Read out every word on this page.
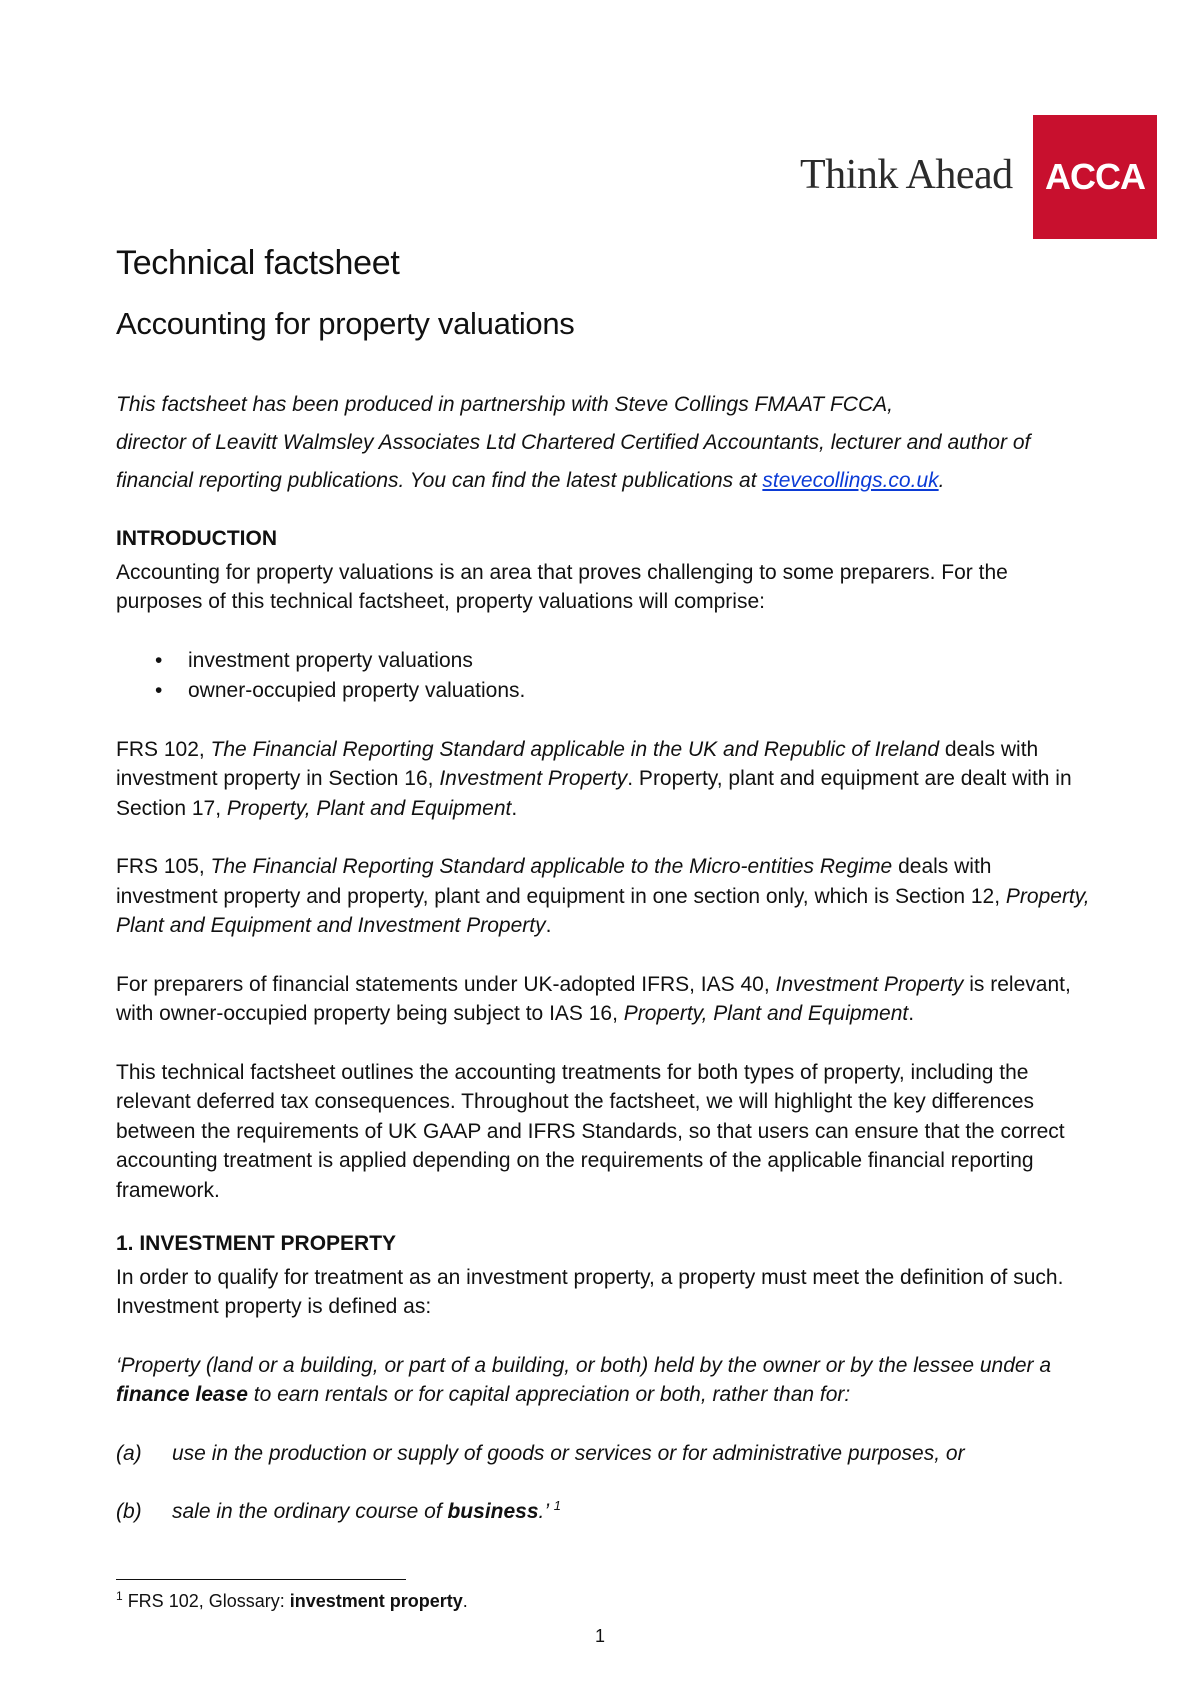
Think Ahead ACCA
Technical factsheet
Accounting for property valuations
This factsheet has been produced in partnership with Steve Collings FMAAT FCCA,
director of Leavitt Walmsley Associates Ltd Chartered Certified Accountants, lecturer and author of
financial reporting publications. You can find the latest publications at stevecollings.co.uk.
INTRODUCTION

Accounting for property valuations is an area that proves challenging to some preparers. For the purposes of this technical factsheet, property valuations will comprise:

• investment property valuations
• owner-occupied property valuations.

FRS 102, The Financial Reporting Standard applicable in the UK and Republic of Ireland deals with investment property in Section 16, Investment Property. Property, plant and equipment are dealt with in Section 17, Property, Plant and Equipment.

FRS 105, The Financial Reporting Standard applicable to the Micro-entities Regime deals with investment property and property, plant and equipment in one section only, which is Section 12, Property, Plant and Equipment and Investment Property.

For preparers of financial statements under UK-adopted IFRS, IAS 40, Investment Property is relevant, with owner-occupied property being subject to IAS 16, Property, Plant and Equipment.

This technical factsheet outlines the accounting treatments for both types of property, including the relevant deferred tax consequences. Throughout the factsheet, we will highlight the key differences between the requirements of UK GAAP and IFRS Standards, so that users can ensure that the correct accounting treatment is applied depending on the requirements of the applicable financial reporting framework.

1. INVESTMENT PROPERTY

In order to qualify for treatment as an investment property, a property must meet the definition of such. Investment property is defined as:

‘Property (land or a building, or part of a building, or both) held by the owner or by the lessee under a finance lease to earn rentals or for capital appreciation or both, rather than for:

(a)	use in the production or supply of goods or services or for administrative purposes, or
(b)	sale in the ordinary course of business.’ $^1$
$^1$ FRS 102, Glossary: investment property.
1
